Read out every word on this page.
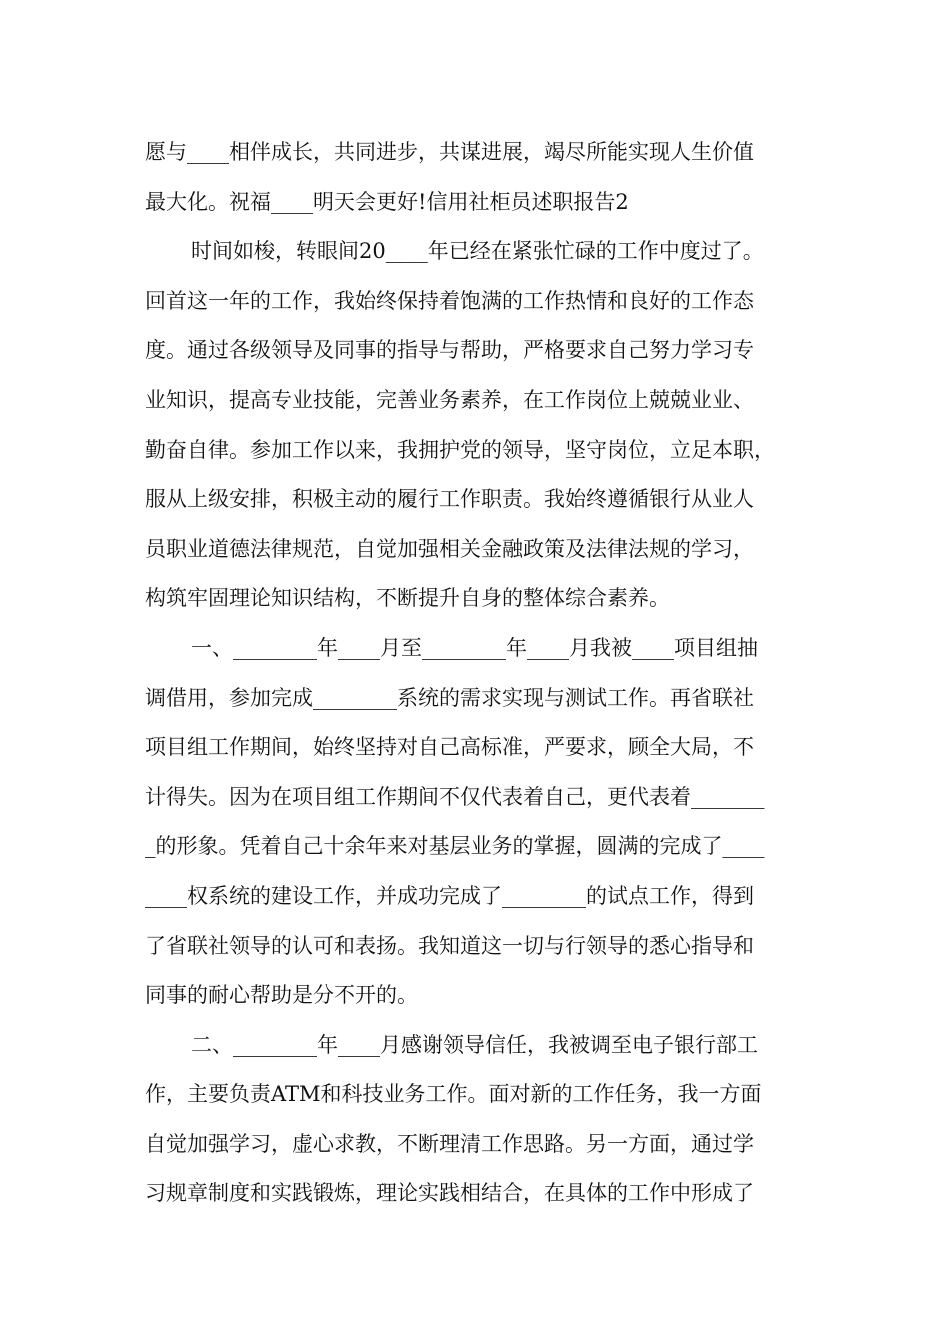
愿与____相伴成长，共同进步，共谋进展，竭尽所能实现人生价值
最大化。祝福____明天会更好!信用社柜员述职报告2
时间如梭，转眼间20____年已经在紧张忙碌的工作中度过了。
回首这一年的工作，我始终保持着饱满的工作热情和良好的工作态
度。通过各级领导及同事的指导与帮助，严格要求自己努力学习专
业知识，提高专业技能，完善业务素养，在工作岗位上兢兢业业、
勤奋自律。参加工作以来，我拥护党的领导，坚守岗位，立足本职，
服从上级安排，积极主动的履行工作职责。我始终遵循银行从业人
员职业道德法律规范，自觉加强相关金融政策及法律法规的学习，
构筑牢固理论知识结构，不断提升自身的整体综合素养。
一、________年____月至________年____月我被____项目组抽
调借用，参加完成________系统的需求实现与测试工作。再省联社
项目组工作期间，始终坚持对自己高标准，严要求，顾全大局，不
计得失。因为在项目组工作期间不仅代表着自己，更代表着_______
_的形象。凭着自己十余年来对基层业务的掌握，圆满的完成了____
____权系统的建设工作，并成功完成了________的试点工作，得到
了省联社领导的认可和表扬。我知道这一切与行领导的悉心指导和
同事的耐心帮助是分不开的。
二、________年____月感谢领导信任，我被调至电子银行部工
作，主要负责ATM和科技业务工作。面对新的工作任务，我一方面
自觉加强学习，虚心求教，不断理清工作思路。另一方面，通过学
习规章制度和实践锻炼，理论实践相结合，在具体的工作中形成了
